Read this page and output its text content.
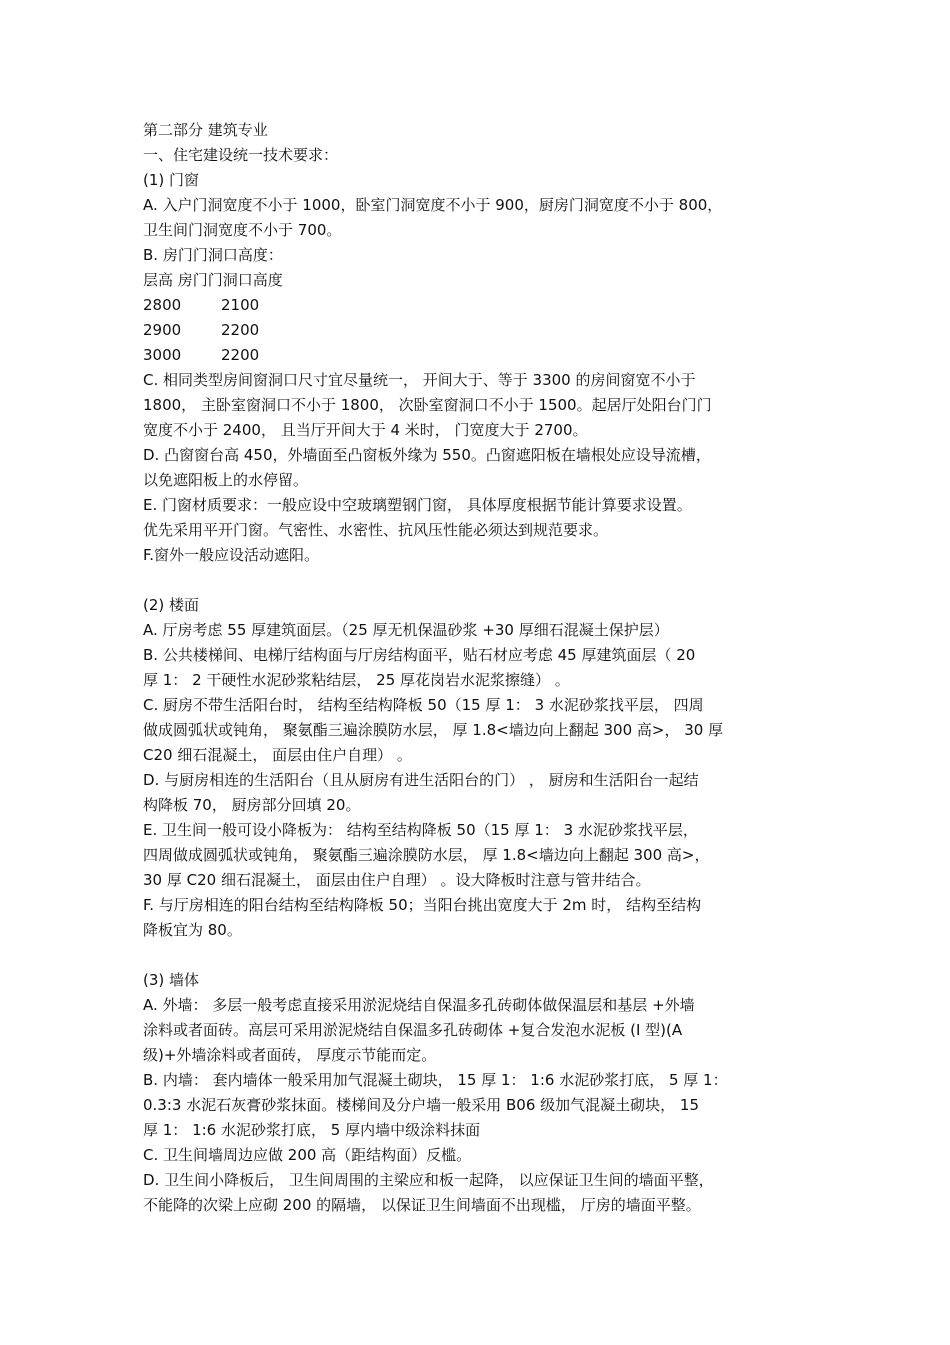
第二部分 建筑专业
一、住宅建设统一技术要求：
(1) 门窗
A. 入户门洞宽度不小于 1000，卧室门洞宽度不小于 900，厨房门洞宽度不小于 800，
卫生间门洞宽度不小于 700。
B. 房门门洞口高度：
层高 房门门洞口高度
2800	2100
2900	2200
3000	2200
C. 相同类型房间窗洞口尺寸宜尽量统一， 开间大于、等于 3300 的房间窗宽不小于
1800， 主卧室窗洞口不小于 1800， 次卧室窗洞口不小于 1500。起居厅处阳台门门
宽度不小于 2400， 且当厅开间大于 4 米时， 门宽度大于 2700。
D. 凸窗窗台高 450，外墙面至凸窗板外缘为 550。凸窗遮阳板在墙根处应设导流槽，
以免遮阳板上的水停留。
E. 门窗材质要求：一般应设中空玻璃塑钢门窗， 具体厚度根据节能计算要求设置。
优先采用平开门窗。气密性、水密性、抗风压性能必须达到规范要求。
F.窗外一般应设活动遮阳。
(2) 楼面
A. 厅房考虑 55 厚建筑面层。（25 厚无机保温砂浆 +30 厚细石混凝土保护层）
B. 公共楼梯间、电梯厅结构面与厅房结构面平，贴石材应考虑 45 厚建筑面层（ 20
厚 1： 2 干硬性水泥砂浆粘结层， 25 厚花岗岩水泥浆擦缝） 。
C. 厨房不带生活阳台时， 结构至结构降板 50（15 厚 1： 3 水泥砂浆找平层， 四周
做成圆弧状或钝角， 聚氨酯三遍涂膜防水层， 厚 1.8<墙边向上翻起 300 高>， 30 厚
C20 细石混凝土， 面层由住户自理） 。
D. 与厨房相连的生活阳台（且从厨房有进生活阳台的门） ， 厨房和生活阳台一起结
构降板 70， 厨房部分回填 20。
E. 卫生间一般可设小降板为： 结构至结构降板 50（15 厚 1： 3 水泥砂浆找平层，
四周做成圆弧状或钝角， 聚氨酯三遍涂膜防水层， 厚 1.8<墙边向上翻起 300 高>，
30 厚 C20 细石混凝土， 面层由住户自理） 。设大降板时注意与管井结合。
F. 与厅房相连的阳台结构至结构降板 50；当阳台挑出宽度大于 2m 时， 结构至结构
降板宜为 80。
(3) 墙体
A. 外墙： 多层一般考虑直接采用淤泥烧结自保温多孔砖砌体做保温层和基层 +外墙
涂料或者面砖。高层可采用淤泥烧结自保温多孔砖砌体 +复合发泡水泥板 (I 型)(A
级)+外墙涂料或者面砖， 厚度示节能而定。
B. 内墙： 套内墙体一般采用加气混凝土砌块， 15 厚 1： 1:6 水泥砂浆打底， 5 厚 1：
0.3:3 水泥石灰膏砂浆抹面。楼梯间及分户墙一般采用 B06 级加气混凝土砌块， 15
厚 1： 1:6 水泥砂浆打底， 5 厚内墙中级涂料抹面
C. 卫生间墙周边应做 200 高（距结构面）反槛。
D. 卫生间小降板后， 卫生间周围的主梁应和板一起降， 以应保证卫生间的墙面平整，
不能降的次梁上应砌 200 的隔墙， 以保证卫生间墙面不出现槛， 厅房的墙面平整。
